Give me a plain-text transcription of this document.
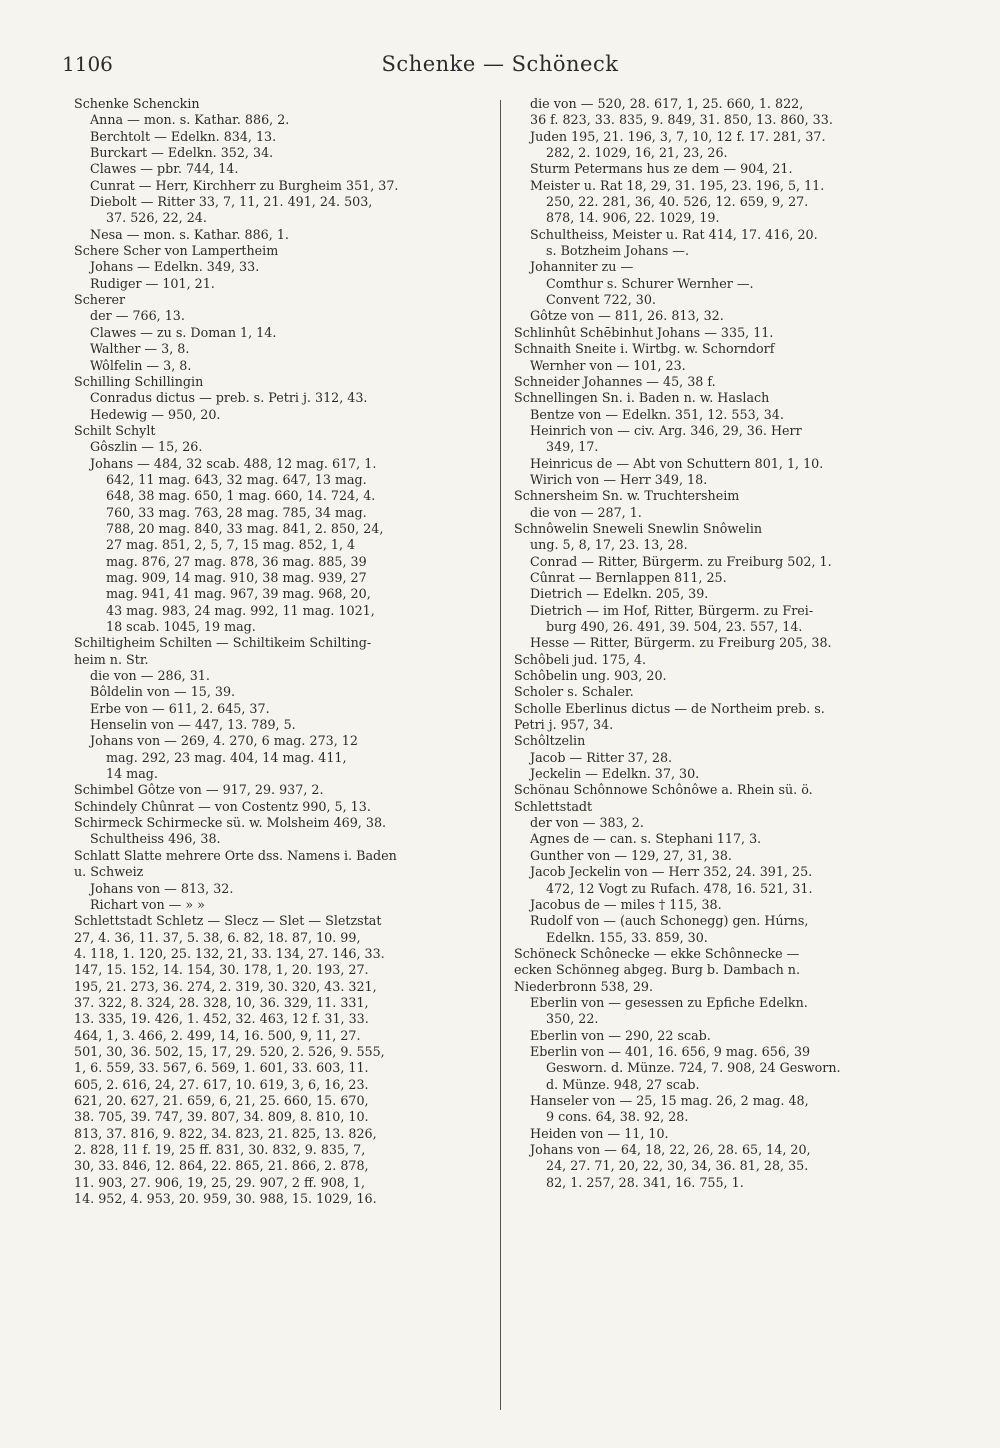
1106	Schenke — Schöneck
Schenke Schenckin
Anna — mon. s. Kathar. 886, 2.
Berchtolt — Edelkn. 834, 13.
Burckart — Edelkn. 352, 34.
Clawes — pbr. 744, 14.
Cunrat — Herr, Kirchherr zu Burgheim 351, 37.
Diebolt — Ritter 33, 7, 11, 21. 491, 24. 503,
37. 526, 22, 24.
Nesa — mon. s. Kathar. 886, 1.
Schere Scher von Lampertheim
Johans — Edelkn. 349, 33.
Rudiger — 101, 21.
Scherer
der — 766, 13.
Clawes — zu s. Doman 1, 14.
Walther — 3, 8.
Wôlfelin — 3, 8.
Schilling Schillingin
Conradus dictus — preb. s. Petri j. 312, 43.
Hedewig — 950, 20.
Schilt Schylt
Gôszlin — 15, 26.
Johans — 484, 32 scab. 488, 12 mag. 617, 1.
642, 11 mag. 643, 32 mag. 647, 13 mag.
648, 38 mag. 650, 1 mag. 660, 14. 724, 4.
760, 33 mag. 763, 28 mag. 785, 34 mag.
788, 20 mag. 840, 33 mag. 841, 2. 850, 24,
27 mag. 851, 2, 5, 7, 15 mag. 852, 1, 4
mag. 876, 27 mag. 878, 36 mag. 885, 39
mag. 909, 14 mag. 910, 38 mag. 939, 27
mag. 941, 41 mag. 967, 39 mag. 968, 20,
43 mag. 983, 24 mag. 992, 11 mag. 1021,
18 scab. 1045, 19 mag.
Schiltigheim Schilten — Schiltikeim Schilting-
heim n. Str.
die von — 286, 31.
Bôldelin von — 15, 39.
Erbe von — 611, 2. 645, 37.
Henselin von — 447, 13. 789, 5.
Johans von — 269, 4. 270, 6 mag. 273, 12
mag. 292, 23 mag. 404, 14 mag. 411,
14 mag.
Schimbel Gôtze von — 917, 29. 937, 2.
Schindely Chûnrat — von Costentz 990, 5, 13.
Schirmeck Schirmecke sü. w. Molsheim 469, 38.
Schultheiss 496, 38.
Schlatt Slatte mehrere Orte dss. Namens i. Baden
u. Schweiz
Johans von — 813, 32.
Richart von — » »
Schlettstadt Schletz — Slecz — Slet — Sletzstat
27, 4. 36, 11. 37, 5. 38, 6. 82, 18. 87, 10. 99,
4. 118, 1. 120, 25. 132, 21, 33. 134, 27. 146, 33.
147, 15. 152, 14. 154, 30. 178, 1, 20. 193, 27.
195, 21. 273, 36. 274, 2. 319, 30. 320, 43. 321,
37. 322, 8. 324, 28. 328, 10, 36. 329, 11. 331,
13. 335, 19. 426, 1. 452, 32. 463, 12 f. 31, 33.
464, 1, 3. 466, 2. 499, 14, 16. 500, 9, 11, 27.
501, 30, 36. 502, 15, 17, 29. 520, 2. 526, 9. 555,
1, 6. 559, 33. 567, 6. 569, 1. 601, 33. 603, 11.
605, 2. 616, 24, 27. 617, 10. 619, 3, 6, 16, 23.
621, 20. 627, 21. 659, 6, 21, 25. 660, 15. 670,
38. 705, 39. 747, 39. 807, 34. 809, 8. 810, 10.
813, 37. 816, 9. 822, 34. 823, 21. 825, 13. 826,
2. 828, 11 f. 19, 25 ff. 831, 30. 832, 9. 835, 7,
30, 33. 846, 12. 864, 22. 865, 21. 866, 2. 878,
11. 903, 27. 906, 19, 25, 29. 907, 2 ff. 908, 1,
14. 952, 4. 953, 20. 959, 30. 988, 15. 1029, 16.
die von — 520, 28. 617, 1, 25. 660, 1. 822,
36 f. 823, 33. 835, 9. 849, 31. 850, 13. 860, 33.
Juden 195, 21. 196, 3, 7, 10, 12 f. 17. 281, 37.
282, 2. 1029, 16, 21, 23, 26.
Sturm Petermans hus ze dem — 904, 21.
Meister u. Rat 18, 29, 31. 195, 23. 196, 5, 11.
250, 22. 281, 36, 40. 526, 12. 659, 9, 27.
878, 14. 906, 22. 1029, 19.
Schultheiss, Meister u. Rat 414, 17. 416, 20.
s. Botzheim Johans —.
Johanniter zu —
Comthur s. Schurer Wernher —.
Convent 722, 30.
Gôtze von — 811, 26. 813, 32.
Schlinhût Schēbinhut Johans — 335, 11.
Schnaith Sneite i. Wirtbg. w. Schorndorf
Wernher von — 101, 23.
Schneider Johannes — 45, 38 f.
Schnellingen Sn. i. Baden n. w. Haslach
Bentze von — Edelkn. 351, 12. 553, 34.
Heinrich von — civ. Arg. 346, 29, 36. Herr
349, 17.
Heinricus de — Abt von Schuttern 801, 1, 10.
Wirich von — Herr 349, 18.
Schnersheim Sn. w. Truchtersheim
die von — 287, 1.
Schnôwelin Sneweli Snewlin Snôwelin
ung. 5, 8, 17, 23. 13, 28.
Conrad — Ritter, Bürgerm. zu Freiburg 502, 1.
Cûnrat — Bernlappen 811, 25.
Dietrich — Edelkn. 205, 39.
Dietrich — im Hof, Ritter, Bürgerm. zu Frei-
burg 490, 26. 491, 39. 504, 23. 557, 14.
Hesse — Ritter, Bürgerm. zu Freiburg 205, 38.
Schôbeli jud. 175, 4.
Schôbelin ung. 903, 20.
Scholer s. Schaler.
Scholle Eberlinus dictus — de Northeim preb. s.
Petri j. 957, 34.
Schôltzelin
Jacob — Ritter 37, 28.
Jeckelin — Edelkn. 37, 30.
Schönau Schônnowe Schônôwe a. Rhein sü. ö.
Schlettstadt
der von — 383, 2.
Agnes de — can. s. Stephani 117, 3.
Gunther von — 129, 27, 31, 38.
Jacob Jeckelin von — Herr 352, 24. 391, 25.
472, 12 Vogt zu Rufach. 478, 16. 521, 31.
Jacobus de — miles † 115, 38.
Rudolf von — (auch Schonegg) gen. Húrns,
Edelkn. 155, 33. 859, 30.
Schöneck Schônecke — ekke Schônnecke —
ecken Schönneg abgeg. Burg b. Dambach n.
Niederbronn 538, 29.
Eberlin von — gesessen zu Epfiche Edelkn.
350, 22.
Eberlin von — 290, 22 scab.
Eberlin von — 401, 16. 656, 9 mag. 656, 39
Gesworn. d. Münze. 724, 7. 908, 24 Gesworn.
d. Münze. 948, 27 scab.
Hanseler von — 25, 15 mag. 26, 2 mag. 48,
9 cons. 64, 38. 92, 28.
Heiden von — 11, 10.
Johans von — 64, 18, 22, 26, 28. 65, 14, 20,
24, 27. 71, 20, 22, 30, 34, 36. 81, 28, 35.
82, 1. 257, 28. 341, 16. 755, 1.
